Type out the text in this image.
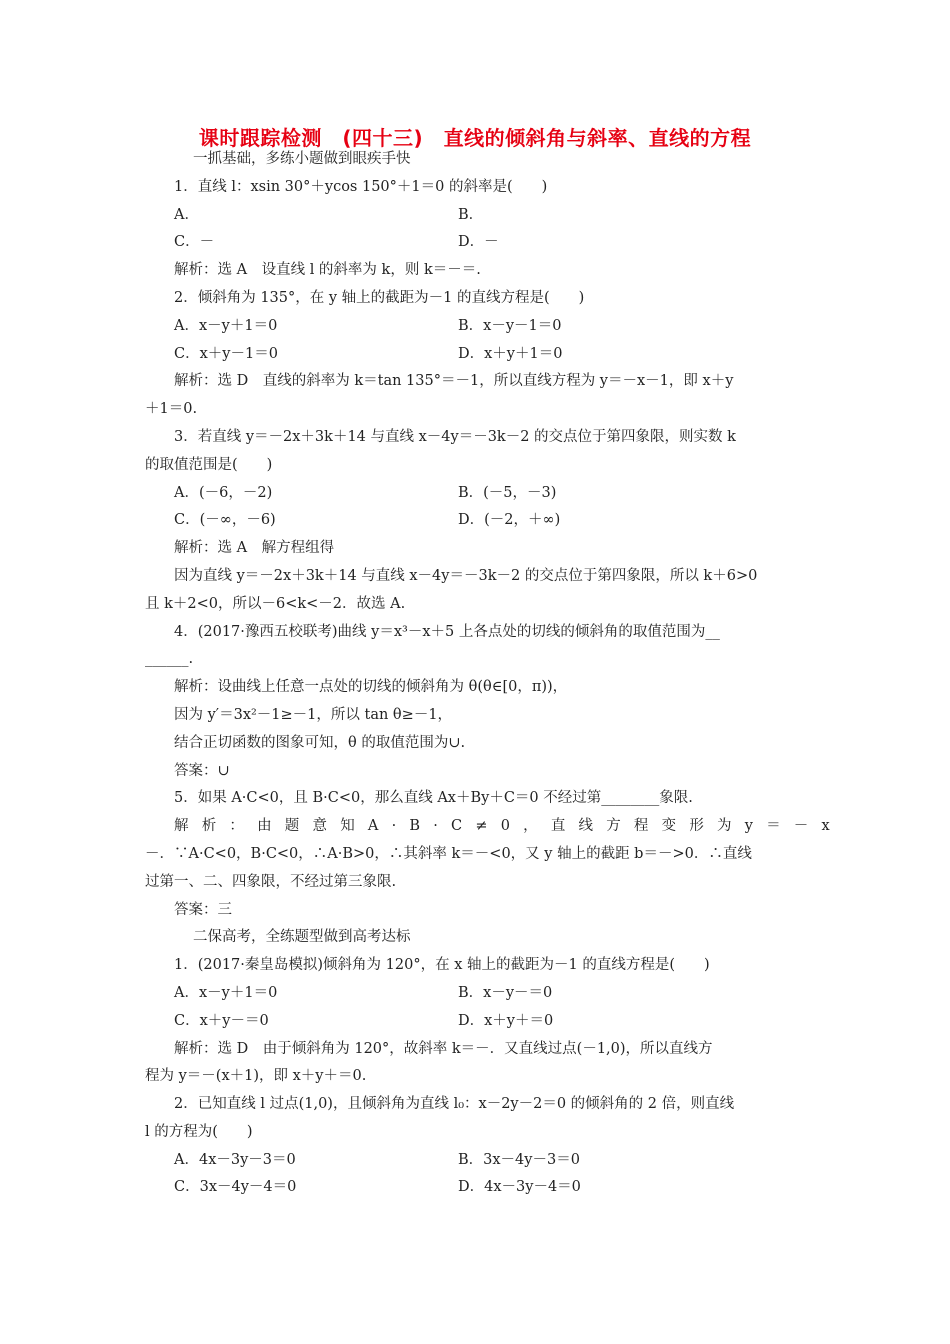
课时跟踪检测　(四十三)　直线的倾斜角与斜率、直线的方程
一抓基础，多练小题做到眼疾手快
1．直线 l：xsin 30°＋ycos 150°＋1＝0 的斜率是(　　)
A．	B．
C．－	D．－
解析：选 A　设直线 l 的斜率为 k，则 k＝－＝.
2．倾斜角为 135°，在 y 轴上的截距为－1 的直线方程是(　　)
A．x－y＋1＝0	B．x－y－1＝0
C．x＋y－1＝0	D．x＋y＋1＝0
解析：选 D　直线的斜率为 k＝tan 135°＝－1，所以直线方程为 y＝－x－1，即 x＋y
＋1＝0.
3．若直线 y＝－2x＋3k＋14 与直线 x－4y＝－3k－2 的交点位于第四象限，则实数 k
的取值范围是(　　)
A．(－6，－2)	B．(－5，－3)
C．(－∞，－6)	D．(－2，＋∞)
解析：选 A　解方程组得
因为直线 y＝－2x＋3k＋14 与直线 x－4y＝－3k－2 的交点位于第四象限，所以 k＋6>0
且 k＋2<0，所以－6<k<－2．故选 A.
4．(2017·豫西五校联考)曲线 y＝x³－x＋5 上各点处的切线的倾斜角的取值范围为__
______.
解析：设曲线上任意一点处的切线的倾斜角为 θ(θ∈[0，π))，
因为 y′＝3x²－1≥－1，所以 tan θ≥－1，
结合正切函数的图象可知，θ 的取值范围为∪.
答案：∪
5．如果 A·C<0，且 B·C<0，那么直线 Ax＋By＋C＝0 不经过第________象限.
解析：由题意知A·B·C≠0，直线方程变形为y＝－x
－．∵A·C<0，B·C<0，∴A·B>0，∴其斜率 k＝－<0，又 y 轴上的截距 b＝－>0．∴直线
过第一、二、四象限，不经过第三象限.
答案：三
二保高考，全练题型做到高考达标
1．(2017·秦皇岛模拟)倾斜角为 120°，在 x 轴上的截距为－1 的直线方程是(　　)
A．x－y＋1＝0	B．x－y－＝0
C．x＋y－＝0	D．x＋y＋＝0
解析：选 D　由于倾斜角为 120°，故斜率 k＝－．又直线过点(－1,0)，所以直线方
程为 y＝－(x＋1)，即 x＋y＋＝0.
2．已知直线 l 过点(1,0)，且倾斜角为直线 l₀：x－2y－2＝0 的倾斜角的 2 倍，则直线
l 的方程为(　　)
A．4x－3y－3＝0	B．3x－4y－3＝0
C．3x－4y－4＝0	D．4x－3y－4＝0
